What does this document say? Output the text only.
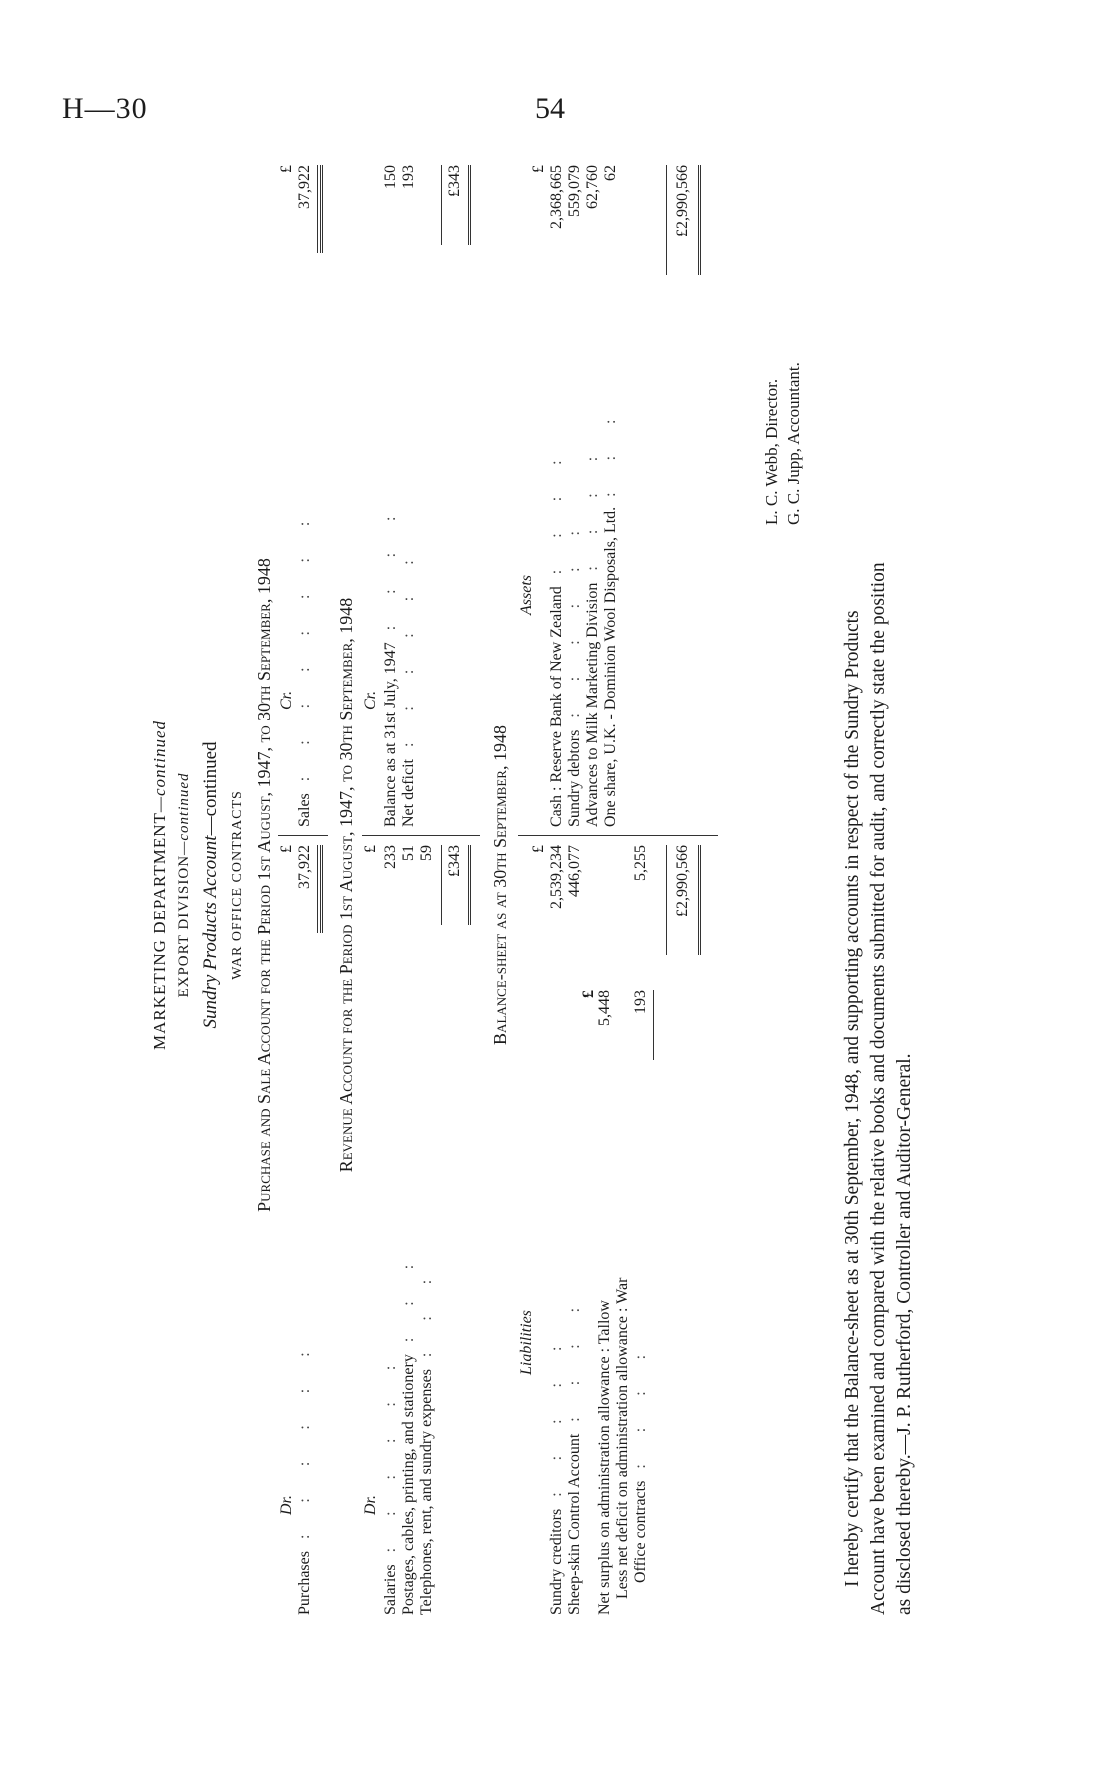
H—30	54
MARKETING DEPARTMENT—continued
EXPORT DIVISION—continued
Sundry Products Account—continued
WAR OFFICE CONTRACTS Purchase and Sale Account for the Period 1st August, 1947, to 30th September, 1948
Dr.
£
Cr.
£
Purchases: : : : : :
37,922
Sales: : : : : : : :
37,922
Revenue Account for the Period 1st August, 1947, to 30th September, 1948
Dr.
£
Cr.
Salaries: : : : : :
233
Postages, cables, printing, and stationery: : :
51
Telephones, rent, and sundry expenses: : :
59
Balance as at 31st July, 1947: : : :
150
Net deficit: : : : : :
193
£343
£343
Balance-sheet as at 30th September, 1948
Liabilities
£
Assets
£
Sundry creditors: : : : :
2,539,234
Sheep-skin Control Account: : : :
446,077
Net surplus on administration allowance : Tallow
£ 5,448
Less net deficit on administration allowance : War Office contracts: : : :
193
5,255 £2,990,566
Cash : Reserve Bank of New Zealand: : : :
2,368,665
Sundry debtors: : : : : :
559,079
Advances to Milk Marketing Division: : : :
62,760
One share, U.K. - Dominion Wool Disposals, Ltd.: : :
62	£2,990,566
L. C. Webb, Director. G. C. Jupp, Accountant.
I hereby certify that the Balance-sheet as at 30th September, 1948, and supporting accounts in respect of the Sundry Products Account have been examined and compared with the relative books and documents submitted for audit, and correctly state the position as disclosed thereby.—J. P. Rutherford, Controller and Auditor-General.
